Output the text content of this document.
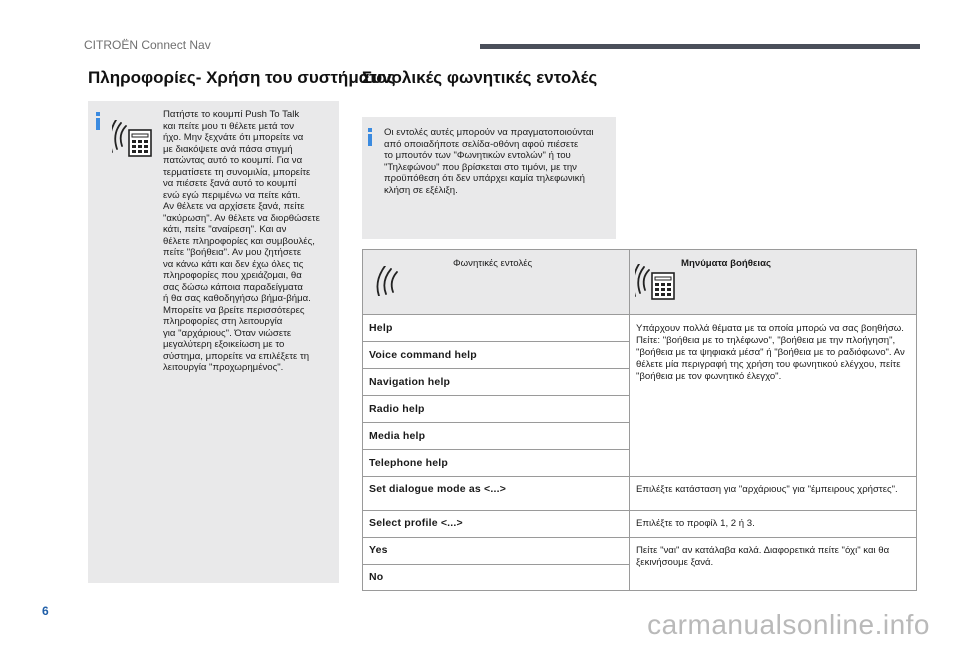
CITROËN Connect Nav
Πληροφορίες- Χρήση του συστήματος
Πατήστε το κουμπί Push To Talk
και πείτε μου τι θέλετε μετά τον
ήχο. Μην ξεχνάτε ότι μπορείτε να
με διακόψετε ανά πάσα στιγμή
πατώντας αυτό το κουμπί. Για να
τερματίσετε τη συνομιλία, μπορείτε
να πιέσετε ξανά αυτό το κουμπί
ενώ εγώ περιμένω να πείτε κάτι.
Αν θέλετε να αρχίσετε ξανά, πείτε
"ακύρωση". Αν θέλετε να διορθώσετε
κάτι, πείτε "αναίρεση". Και αν
θέλετε πληροφορίες και συμβουλές,
πείτε "βοήθεια". Αν μου ζητήσετε
να κάνω κάτι και δεν έχω όλες τις
πληροφορίες που χρειάζομαι, θα
σας δώσω κάποια παραδείγματα
ή θα σας καθοδηγήσω βήμα-βήμα.
Μπορείτε να βρείτε περισσότερες
πληροφορίες στη λειτουργία
για "αρχάριους". Όταν νιώσετε
μεγαλύτερη εξοικείωση με το
σύστημα, μπορείτε να επιλέξετε τη
λειτουργία "προχωρημένος".
Συνολικές φωνητικές εντολές
Οι εντολές αυτές μπορούν να πραγματοποιούνται
από οποιαδήποτε σελίδα-οθόνη αφού πιέσετε
το μπουτόν των "Φωνητικών εντολών" ή του
"Τηλεφώνου" που βρίσκεται στο τιμόνι, με την
προϋπόθεση ότι δεν υπάρχει καμία τηλεφωνική
κλήση σε εξέλιξη.
Φωνητικές εντολές	Μηνύματα βοήθειας
Help
Voice command help
Navigation help
Radio help
Media help
Telephone help
Set dialogue mode as <...>
Select profile <...>
Yes
No
Υπάρχουν πολλά θέματα με τα οποία μπορώ να σας βοηθήσω. Πείτε: "βοήθεια με το τηλέφωνο", "βοήθεια με την πλοήγηση", "βοήθεια με τα ψηφιακά μέσα" ή "βοήθεια με το ραδιόφωνο". Αν θέλετε μία περιγραφή της χρήση του φωνητικού ελέγχου, πείτε "βοήθεια με τον φωνητικό έλεγχο".
Επιλέξτε κατάσταση για "αρχάριους" για "έμπειρους χρήστες".
Επιλέξτε το προφίλ 1, 2 ή 3.
Πείτε "ναι" αν κατάλαβα καλά. Διαφορετικά πείτε "όχι" και θα ξεκινήσουμε ξανά.
6	carmanualsonline.info
